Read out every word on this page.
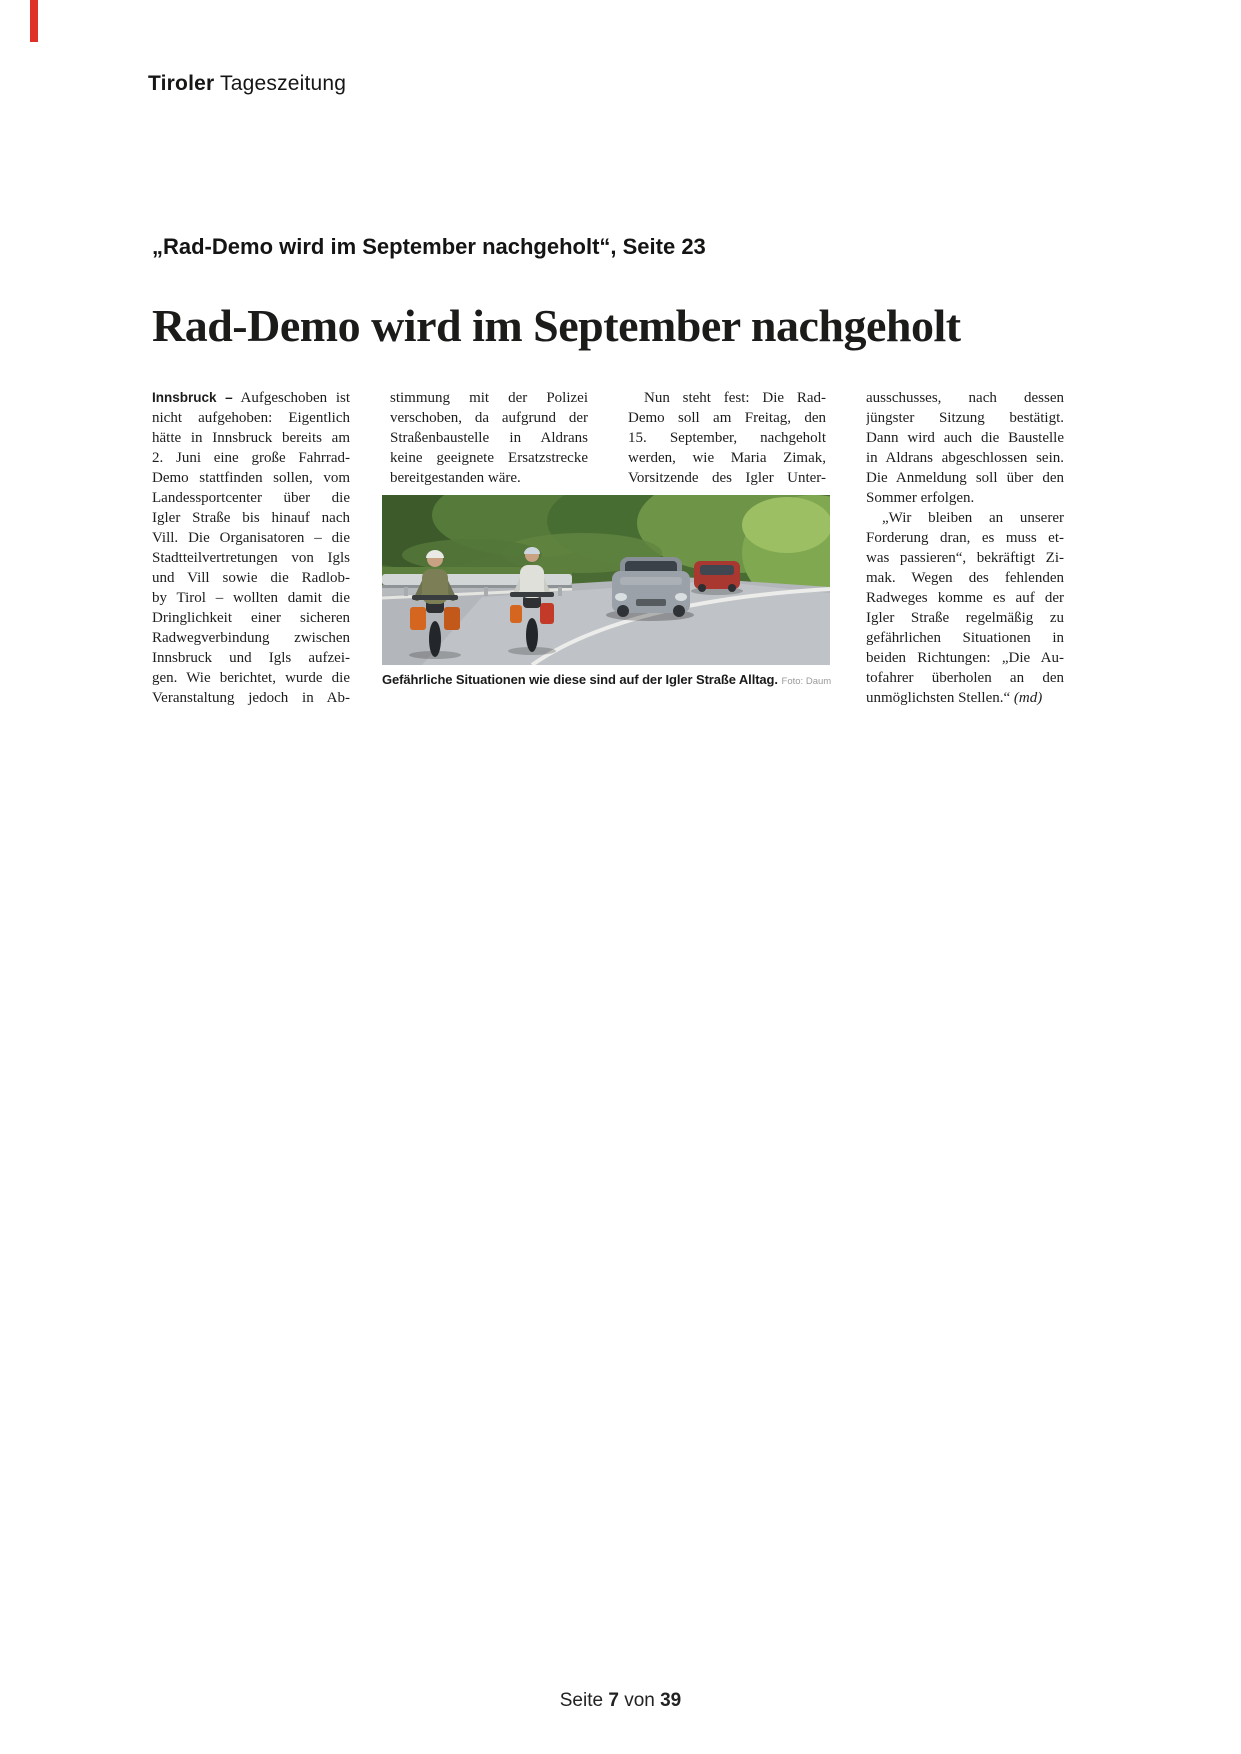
Tiroler Tageszeitung
„Rad-Demo wird im September nachgeholt“, Seite 23
Rad-Demo wird im September nachgeholt
Innsbruck – Aufgeschoben ist
nicht aufgehoben: Eigentlich
hätte in Innsbruck bereits am
2. Juni eine große Fahrrad-
Demo stattfinden sollen, vom
Landessportcenter über die
Igler Straße bis hinauf nach
Vill. Die Organisatoren – die
Stadtteilvertretungen von Igls
und Vill sowie die Radlob-
by Tirol – wollten damit die
Dringlichkeit einer sicheren
Radwegverbindung zwischen
Innsbruck und Igls aufzei-
gen. Wie berichtet, wurde die
Veranstaltung jedoch in Ab-
stimmung mit der Polizei
verschoben, da aufgrund der
Straßenbaustelle in Aldrans
keine geeignete Ersatzstrecke
bereitgestanden wäre.
Nun steht fest: Die Rad-
Demo soll am Freitag, den
15. September, nachgeholt
werden, wie Maria Zimak,
Vorsitzende des Igler Unter-
ausschusses, nach dessen
jüngster Sitzung bestätigt.
Dann wird auch die Baustelle
in Aldrans abgeschlossen sein.
Die Anmeldung soll über den
Sommer erfolgen.
„Wir bleiben an unserer
Forderung dran, es muss et-
was passieren“, bekräftigt Zi-
mak. Wegen des fehlenden
Radweges komme es auf der
Igler Straße regelmäßig zu
gefährlichen Situationen in
beiden Richtungen: „Die Au-
tofahrer überholen an den
unmöglichsten Stellen.“ (md)
Gefährliche Situationen wie diese sind auf der Igler Straße Alltag. Foto: Daum
Seite 7 von 39
